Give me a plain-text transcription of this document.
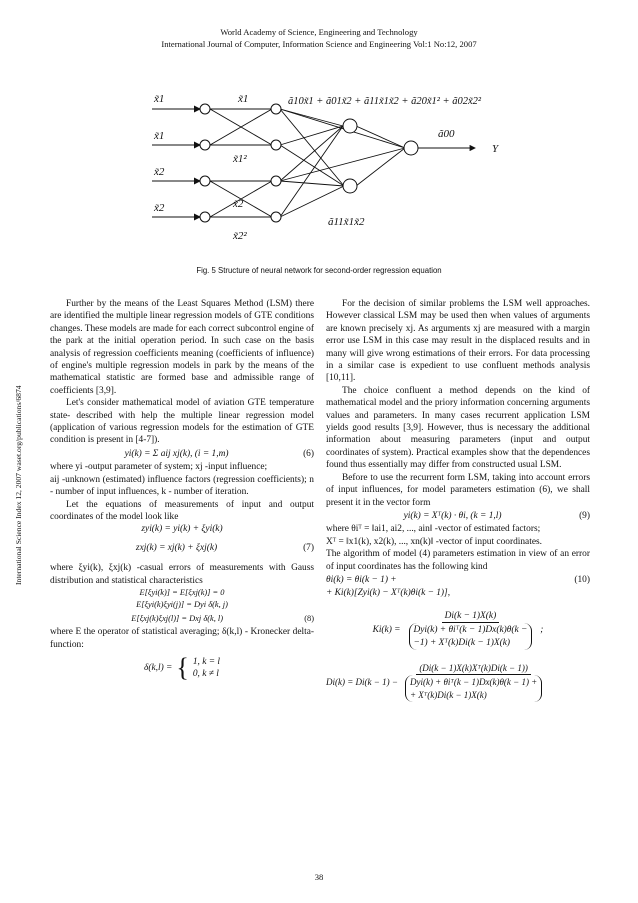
World Academy of Science, Engineering and Technology
International Journal of Computer, Information Science and Engineering Vol:1 No:12, 2007
International Science Index 12, 2007 waset.org/publications/6874
x̃1
x̃1
x̃2
x̃2
x̃1
x̃1²
x̃2
x̃2²
ã10x̃1 + ã01x̃2 + ã11x̃1x̃2 + ã20x̃1² + ã02x̃2²
ã00
ã11x̃1x̃2
Y
Fig. 5 Structure of neural network for second-order regression equation

Further by the means of the Least Squares Method (LSM) there are identified the multiple linear regression models of GTE conditions changes. These models are made for each correct subcontrol engine of the park at the initial operation period. In such case on the basis analysis of regression coefficients meaning (coefficients of influence) of engine's multiple regression models in park by the means of the mathematical statistic are formed base and admissible range of coefficients [3,9].

Let's consider mathematical model of aviation GTE temperature state- described with help the multiple linear regression model (application of various regression models for the estimation of GTE condition is present in [4-7]).

yi(k) = Σ aij xj(k), (i = 1,m)	(6)

where yi -output parameter of system; xj -input influence;

aij -unknown (estimated) influence factors (regression coefficients); n - number of input influences, k - number of iteration.

Let the equations of measurements of input and output coordinates of the model look like

zyi(k) = yi(k) + ξyi(k)
zxj(k) = xj(k) + ξxj(k)	(7)

where ξyi(k), ξxj(k) -casual errors of measurements with Gauss distribution and statistical characteristics

E[ξyi(k)] = E[ξxj(k)] = 0
E[ξyi(k)ξyi(j)] = Dyi δ(k, j)
E[ξxj(k)ξxj(l)] = Dxj δ(k, l)	(8)

where E the operator of statistical averaging; δ(k,l) - Kronecker delta-function:

δ(k,l) = { 1, k = l
0, k ≠ l

For the decision of similar problems the LSM well approaches. However classical LSM may be used then when values of arguments are known precisely xj. As arguments xj are measured with a margin error use LSM in this case may result in the displaced results and in many will give wrong estimations of their errors. For data processing in a similar case is expedient to use confluent methods analysis [10,11].

The choice confluent a method depends on the kind of mathematical model and the priory information concerning arguments values and parameters. In many cases recurrent application LSM yields good results [3,9]. However, thus is necessary the additional information about measuring parameters (input and output coordinates of system). Practical examples show that the dependences found thus essentially may differ from constructed usual LSM.

Before to use the recurrent form LSM, taking into account errors of input influences, for model parameters estimation (6), we shall present it in the vector form

yi(k) = Xᵀ(k) · θi, (k = 1,l)	(9)

where θiᵀ = ‖ai1, ai2, ..., ain‖ -vector of estimated factors;

Xᵀ = ‖x1(k), x2(k), ..., xn(k)‖ -vector of input coordinates.

The algorithm of model (4) parameters estimation in view of an error of input coordinates has the following kind

θi(k) = θi(k − 1) +	(10)
+ Ki(k)[Zyi(k) − Xᵀ(k)θi(k − 1)],
Ki(k) =
Di(k − 1)X(k)
Dyi(k) + θiᵀ(k − 1)Dx(k)θ(k −
−1) + Xᵀ(k)Di(k − 1)X(k)
;
Di(k) = Di(k − 1) −
(Di(k − 1)X(k)Xᵀ(k)Di(k − 1))
Dyi(k) + θiᵀ(k − 1)Dx(k)θ(k − 1) +
+ Xᵀ(k)Di(k − 1)X(k)
38
